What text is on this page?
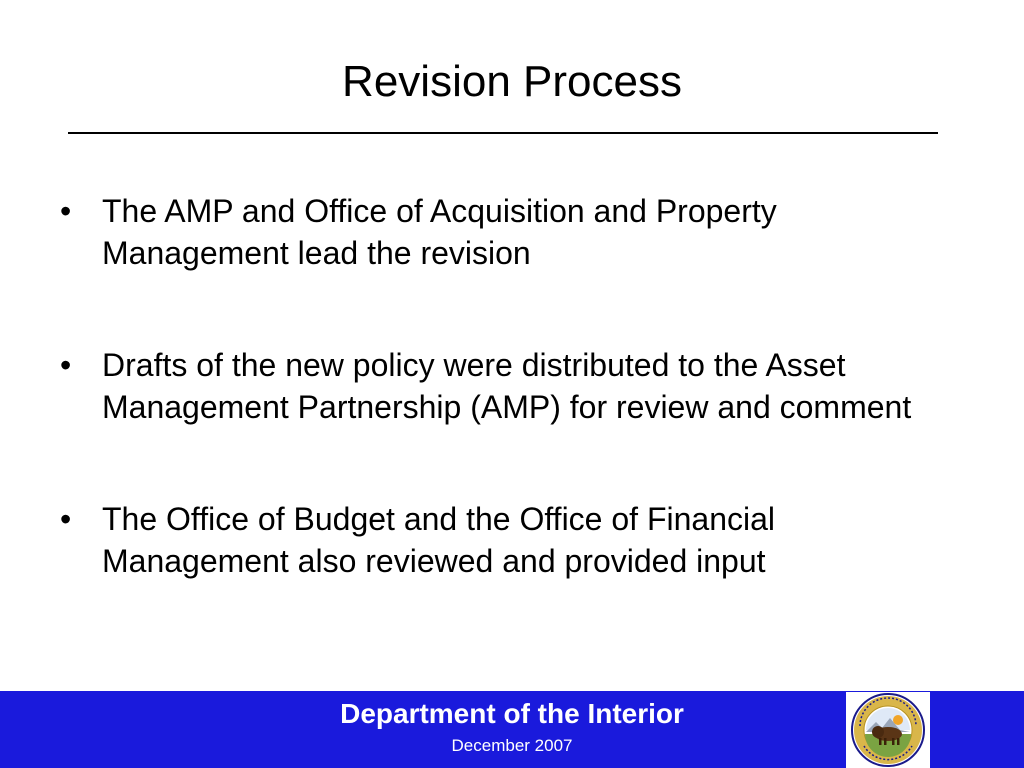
Revision Process
• The AMP and Office of Acquisition and Property Management lead the revision
• Drafts of the new policy were distributed to the Asset Management Partnership (AMP) for review and comment
• The Office of Budget and the Office of Financial Management also reviewed and provided input
Department of the Interior
December 2007
